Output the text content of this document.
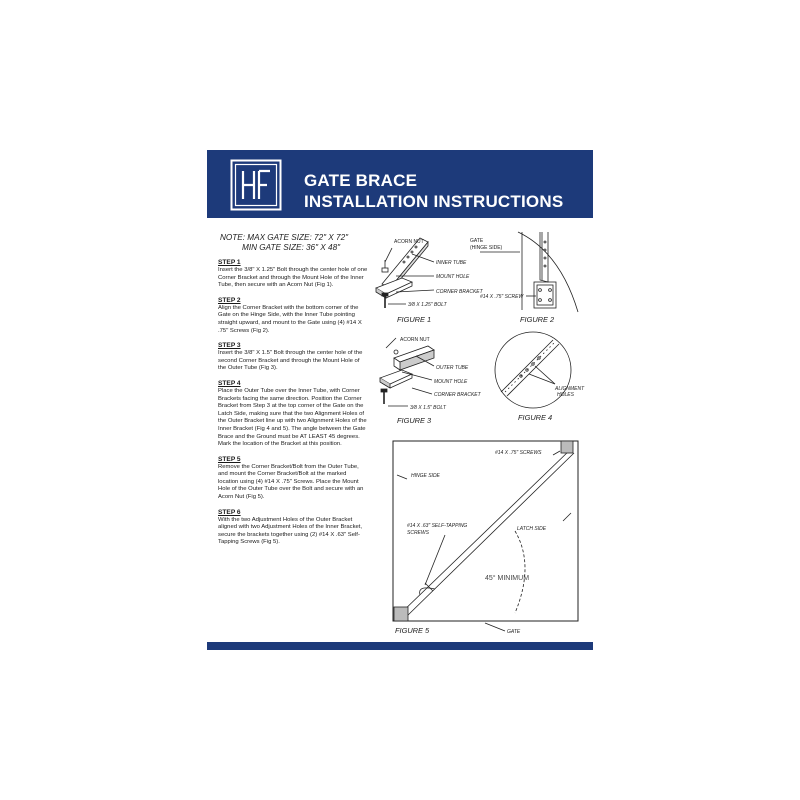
GATE BRACE
INSTALLATION INSTRUCTIONS
NOTE: MAX GATE SIZE: 72" X 72"
MIN GATE SIZE: 36" X 48"
STEP 1

Insert the 3/8" X 1.25" Bolt through the center hole of one Corner Bracket and through the Mount Hole of the Inner Tube, then secure with an Acorn Nut (Fig 1).

STEP 2

Align the Corner Bracket with the bottom corner of the Gate on the Hinge Side, with the Inner Tube pointing straight upward, and mount to the Gate using (4) #14 X .75" Screws (Fig 2).

STEP 3

Insert the 3/8" X 1.5" Bolt through the center hole of the second Corner Bracket and through the Mount Hole of the Outer Tube (Fig 3).

STEP 4

Place the Outer Tube over the Inner Tube, with Corner Brackets facing the same direction. Position the Corner Bracket from Step 3 at the top corner of the Gate on the Latch Side, making sure that the two Alignment Holes of the Outer Bracket line up with two Alignment Holes of the Inner Bracket (Fig 4 and 5). The angle between the Gate Brace and the Ground must be AT LEAST 45 degrees. Mark the location of the Bracket at this position.

STEP 5

Remove the Corner Bracket/Bolt from the Outer Tube, and mount the Corner Bracket/Bolt at the marked location using (4) #14 X .75" Screws. Place the Mount Hole of the Outer Tube over the Bolt and secure with an Acorn Nut (Fig 5).

STEP 6

With the two Adjustment Holes of the Outer Bracket aligned with two Adjustment Holes of the Inner Bracket, secure the brackets together using (2) #14 X .63" Self-Tapping Screws (Fig 5).

ACORN NUT
INNER TUBE
MOUNT HOLE
CORNER BRACKET
3/8 X 1.25" BOLT
FIGURE 1
GATE
(HINGE SIDE)
#14 X .75" SCREW
FIGURE 2
ACORN NUT
OUTER TUBE
MOUNT HOLE
CORNER BRACKET
3/8 X 1.5" BOLT
FIGURE 3
ALIGNMENT
HOLES
FIGURE 4
#14 X .75" SCREWS
HINGE SIDE
LATCH SIDE
#14 X .63" SELF-TAPPING
SCREWS
45° MINIMUM
GATE
FIGURE 5
